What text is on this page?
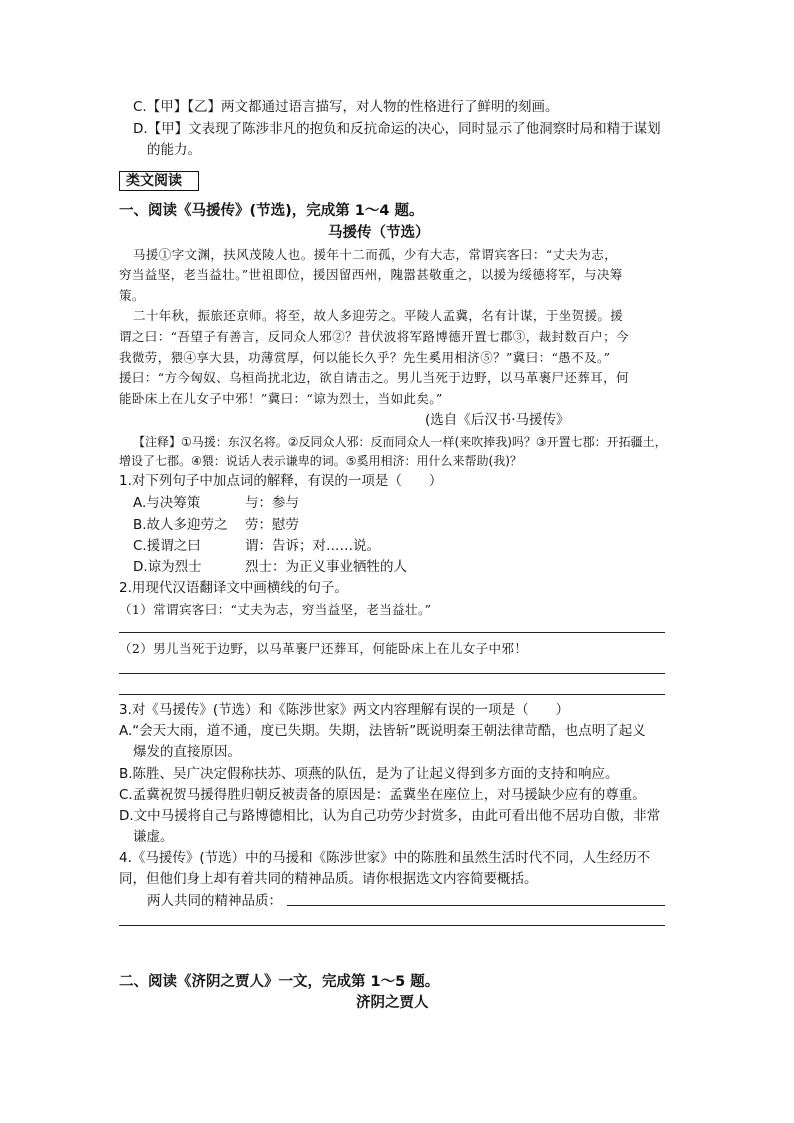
C.【甲】【乙】两文都通过语言描写，对人物的性格进行了鲜明的刻画。
D.【甲】文表现了陈涉非凡的抱负和反抗命运的决心，同时显示了他洞察时局和精于谋划
的能力。
类文阅读
一、阅读《马援传》(节选)，完成第 1～4 题。
马援传（节选）
马援①字文渊，扶风茂陵人也。援年十二而孤，少有大志，常谓宾客曰：“丈夫为志，
穷当益坚，老当益壮。”世祖即位，援因留西州，隗嚣甚敬重之，以援为绥德将军，与决筹
策。
二十年秋，振旅还京师。将至，故人多迎劳之。平陵人孟冀，名有计谋，于坐贺援。援
谓之曰：“吾望子有善言，反同众人邪②？昔伏波将军路博德开置七郡③，裁封数百户；今
我微劳，猥④享大县，功薄赏厚，何以能长久乎？先生奚用相济⑤？”冀曰：“愚不及。”
援曰：“方今匈奴、乌桓尚扰北边，欲自请击之。男儿当死于边野，以马革裹尸还葬耳，何
能卧床上在儿女子中邪！”冀曰：“谅为烈士，当如此矣。”
(选自《后汉书·马援传》
【注释】①马援：东汉名将。②反同众人邪：反而同众人一样(来吹捧我)吗？③开置七郡：开拓疆土，
增设了七郡。④猥：说话人表示谦卑的词。⑤奚用相济：用什么来帮助(我)？
1.对下列句子中加点词的解释，有误的一项是（　　）
A.与决筹策	与：参与
B.故人多迎劳之 劳：慰劳
C.援谓之曰	谓：告诉；对……说。
D.谅为烈士	烈士：为正义事业牺牲的人
2.用现代汉语翻译文中画横线的句子。
（1）常谓宾客曰：“丈夫为志，穷当益坚，老当益壮。”
（2）男儿当死于边野，以马革裹尸还葬耳，何能卧床上在儿女子中邪！
3.对《马援传》(节选）和《陈涉世家》两文内容理解有误的一项是（　　）
A.“会天大雨，道不通，度已失期。失期，法皆斩”既说明秦王朝法律苛酷，也点明了起义
爆发的直接原因。
B.陈胜、吴广决定假称扶苏、项燕的队伍，是为了让起义得到多方面的支持和响应。
C.孟冀祝贺马援得胜归朝反被责备的原因是：孟冀坐在座位上，对马援缺少应有的尊重。
D.文中马援将自己与路博德相比，认为自己功劳少封赏多，由此可看出他不居功自傲，非常
谦虚。
4.《马援传》(节选）中的马援和《陈涉世家》中的陈胜和虽然生活时代不同，人生经历不
同，但他们身上却有着共同的精神品质。请你根据选文内容简要概括。
两人共同的精神品质：
二、阅读《济阴之贾人》一文，完成第 1～5 题。
济阴之贾人
